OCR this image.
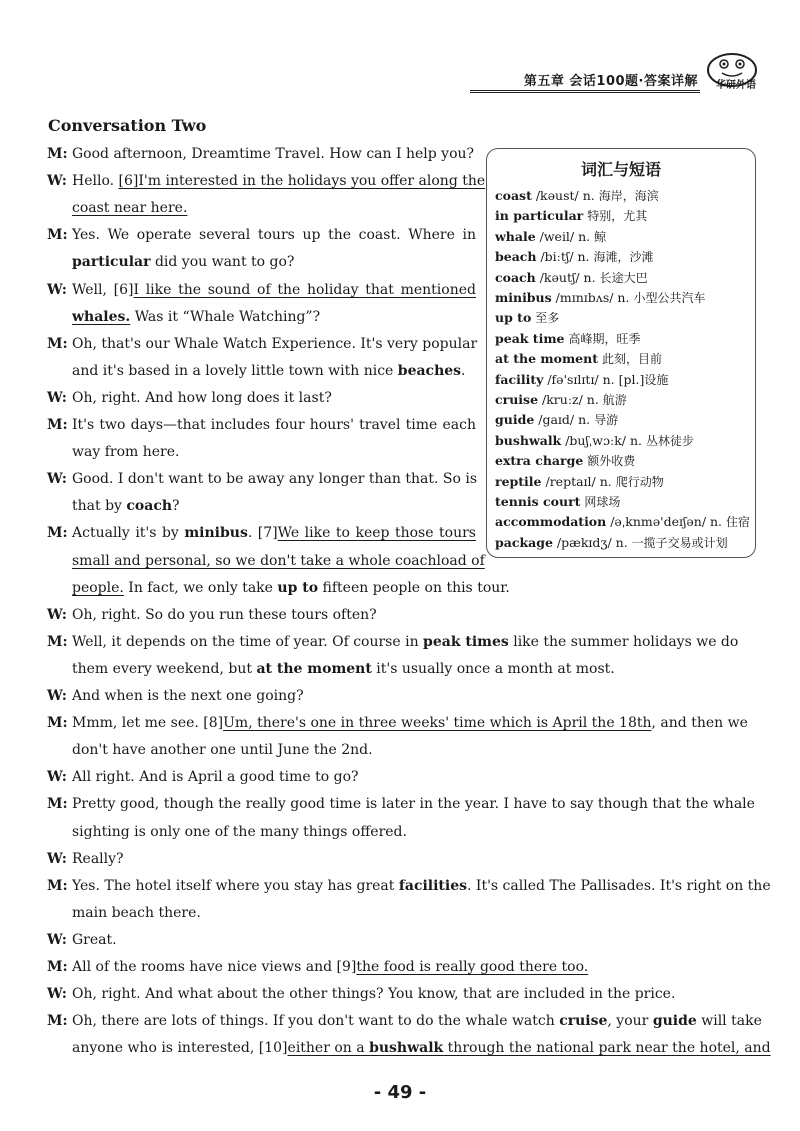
第五章 会话100题·答案详解 华研外语
Conversation Two
M: Good afternoon, Dreamtime Travel. How can I help you?
W: Hello. [6]I'm interested in the holidays you offer along the
coast near here.
M: Yes. We operate several tours up the coast. Where in
particular did you want to go?
W: Well, [6]I like the sound of the holiday that mentioned
whales. Was it “Whale Watching”?
M: Oh, that's our Whale Watch Experience. It's very popular
and it's based in a lovely little town with nice beaches.
W: Oh, right. And how long does it last?
M: It's two days—that includes four hours' travel time each
way from here.
W: Good. I don't want to be away any longer than that. So is
that by coach?
M: Actually it's by minibus. [7]We like to keep those tours
small and personal, so we don't take a whole coachload of
people. In fact, we only take up to fifteen people on this tour.
W: Oh, right. So do you run these tours often?
M: Well, it depends on the time of year. Of course in peak times like the summer holidays we do
them every weekend, but at the moment it's usually once a month at most.
W: And when is the next one going?
M: Mmm, let me see. [8]Um, there's one in three weeks' time which is April the 18th, and then we
don't have another one until June the 2nd.
W: All right. And is April a good time to go?
M: Pretty good, though the really good time is later in the year. I have to say though that the whale
sighting is only one of the many things offered.
W: Really?
M: Yes. The hotel itself where you stay has great facilities. It's called The Pallisades. It's right on the
main beach there.
W: Great.
M: All of the rooms have nice views and [9]the food is really good there too.
W: Oh, right. And what about the other things? You know, that are included in the price.
M: Oh, there are lots of things. If you don't want to do the whale watch cruise, your guide will take
anyone who is interested, [10]either on a bushwalk through the national park near the hotel, and
词汇与短语
coast /kəust/ n. 海岸，海滨
in particular 特别，尤其
whale /weil/ n. 鲸
beach /biːtʃ/ n. 海滩，沙滩
coach /kəutʃ/ n. 长途大巴
minibus /mɪnɪbʌs/ n. 小型公共汽车
up to 至多
peak time 高峰期，旺季
at the moment 此刻，目前
facility /fə'sɪlɪtɪ/ n. [pl.]设施
cruise /kruːz/ n. 航游
guide /gaɪd/ n. 导游
bushwalk /buʃˌwɔːk/ n. 丛林徒步
extra charge 额外收费
reptile /reptaɪl/ n. 爬行动物
tennis court 网球场
accommodation /əˌknmə'deɪʃən/ n. 住宿
package /pækɪdʒ/ n. 一揽子交易或计划
- 49 -
